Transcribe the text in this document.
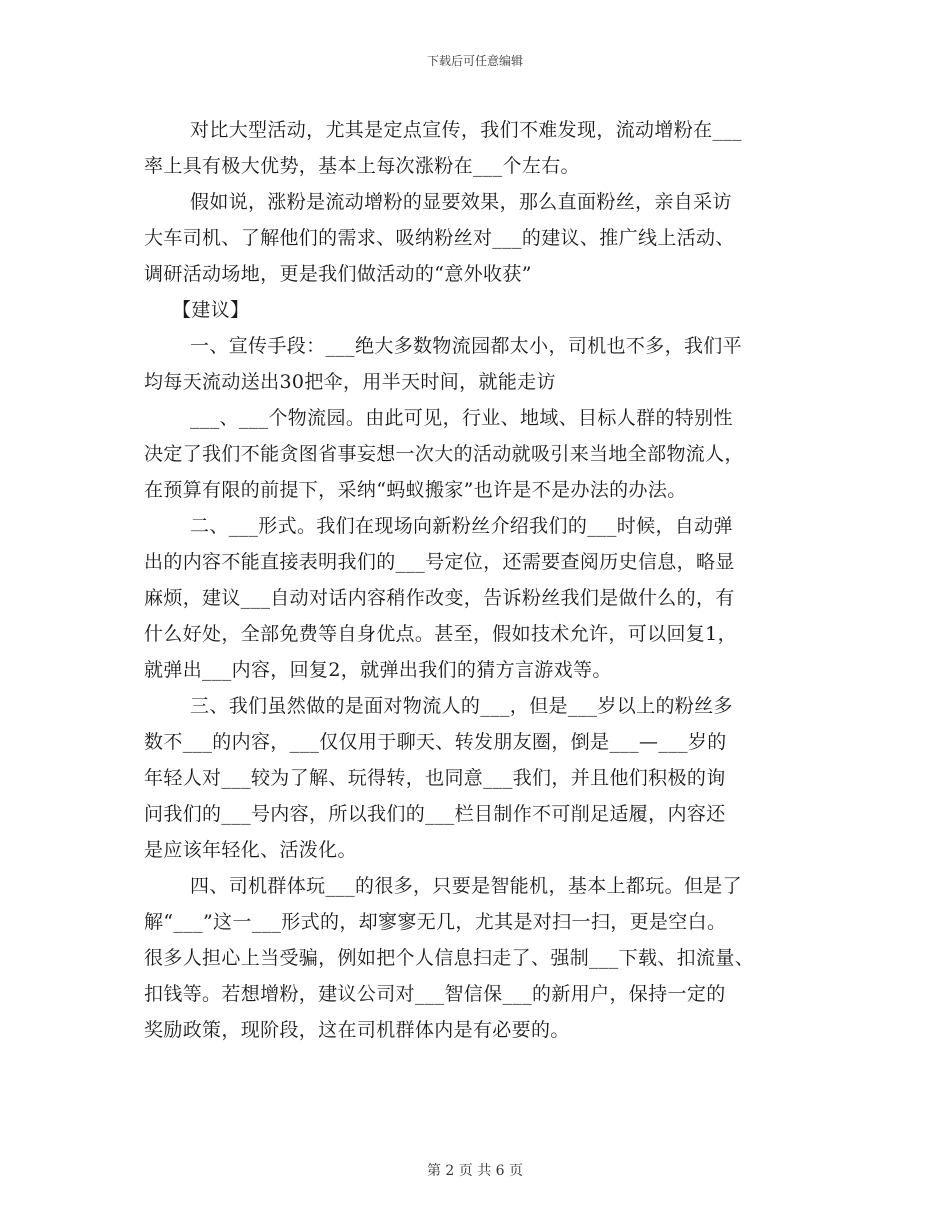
下载后可任意编辑
对比大型活动，尤其是定点宣传，我们不难发现，流动增粉在___
率上具有极大优势，基本上每次涨粉在___个左右。
假如说，涨粉是流动增粉的显要效果，那么直面粉丝，亲自采访
大车司机、了解他们的需求、吸纳粉丝对___的建议、推广线上活动、
调研活动场地，更是我们做活动的“意外收获”
【建议】
一、宣传手段：___绝大多数物流园都太小，司机也不多，我们平
均每天流动送出30把伞，用半天时间，就能走访
___、___个物流园。由此可见，行业、地域、目标人群的特别性
决定了我们不能贪图省事妄想一次大的活动就吸引来当地全部物流人，
在预算有限的前提下，采纳“蚂蚁搬家”也许是不是办法的办法。
二、___形式。我们在现场向新粉丝介绍我们的___时候，自动弹
出的内容不能直接表明我们的___号定位，还需要查阅历史信息，略显
麻烦，建议___自动对话内容稍作改变，告诉粉丝我们是做什么的，有
什么好处，全部免费等自身优点。甚至，假如技术允许，可以回复1，
就弹出___内容，回复2，就弹出我们的猜方言游戏等。
三、我们虽然做的是面对物流人的___，但是___岁以上的粉丝多
数不___的内容，___仅仅用于聊天、转发朋友圈，倒是___—___岁的
年轻人对___较为了解、玩得转，也同意___我们，并且他们积极的询
问我们的___号内容，所以我们的___栏目制作不可削足适履，内容还
是应该年轻化、活泼化。
四、司机群体玩___的很多，只要是智能机，基本上都玩。但是了
解“___”这一___形式的，却寥寥无几，尤其是对扫一扫，更是空白。
很多人担心上当受骗，例如把个人信息扫走了、强制___下载、扣流量、
扣钱等。若想增粉，建议公司对___智信保___的新用户，保持一定的
奖励政策，现阶段，这在司机群体内是有必要的。
第 2 页 共 6 页
